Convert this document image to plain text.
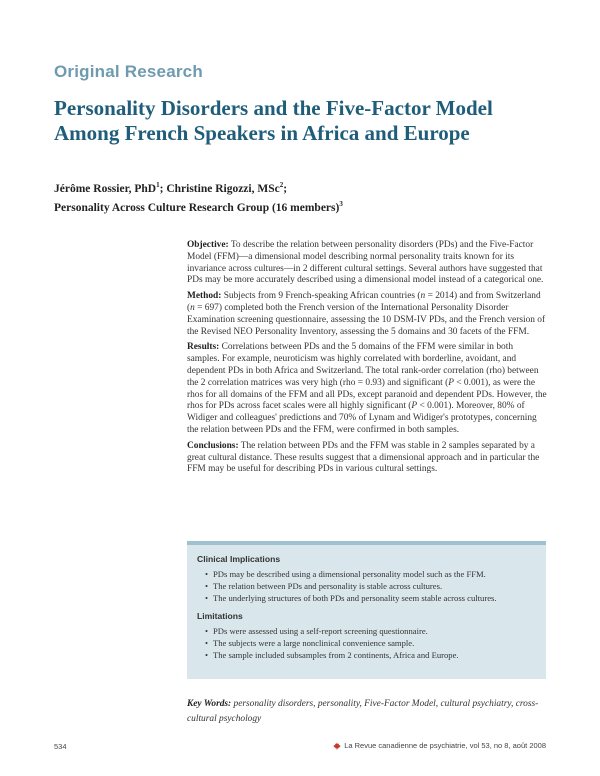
Original Research
Personality Disorders and the Five-Factor Model
Among French Speakers in Africa and Europe
Jérôme Rossier, PhD$^1$; Christine Rigozzi, MSc$^2$;
Personality Across Culture Research Group (16 members)$^3$

Objective: To describe the relation between personality disorders (PDs) and the Five-Factor Model (FFM)—a dimensional model describing normal personality traits known for its invariance across cultures—in 2 different cultural settings. Several authors have suggested that PDs may be more accurately described using a dimensional model instead of a categorical one.

Method: Subjects from 9 French-speaking African countries (n = 2014) and from Switzerland (n = 697) completed both the French version of the International Personality Disorder Examination screening questionnaire, assessing the 10 DSM-IV PDs, and the French version of the Revised NEO Personality Inventory, assessing the 5 domains and 30 facets of the FFM.

Results: Correlations between PDs and the 5 domains of the FFM were similar in both samples. For example, neuroticism was highly correlated with borderline, avoidant, and dependent PDs in both Africa and Switzerland. The total rank-order correlation (rho) between the 2 correlation matrices was very high (rho = 0.93) and significant (P < 0.001), as were the rhos for all domains of the FFM and all PDs, except paranoid and dependent PDs. However, the rhos for PDs across facet scales were all highly significant (P < 0.001). Moreover, 80% of Widiger and colleagues' predictions and 70% of Lynam and Widiger's prototypes, concerning the relation between PDs and the FFM, were confirmed in both samples.

Conclusions: The relation between PDs and the FFM was stable in 2 samples separated by a great cultural distance. These results suggest that a dimensional approach and in particular the FFM may be useful for describing PDs in various cultural settings.

Clinical Implications
• PDs may be described using a dimensional personality model such as the FFM.
• The relation between PDs and personality is stable across cultures.
• The underlying structures of both PDs and personality seem stable across cultures.
Limitations
• PDs were assessed using a self-report screening questionnaire.
• The subjects were a large nonclinical convenience sample.
• The sample included subsamples from 2 continents, Africa and Europe.
Key Words: personality disorders, personality, Five-Factor Model, cultural psychiatry, cross-cultural psychology
534	La Revue canadienne de psychiatrie, vol 53, no 8, août 2008
